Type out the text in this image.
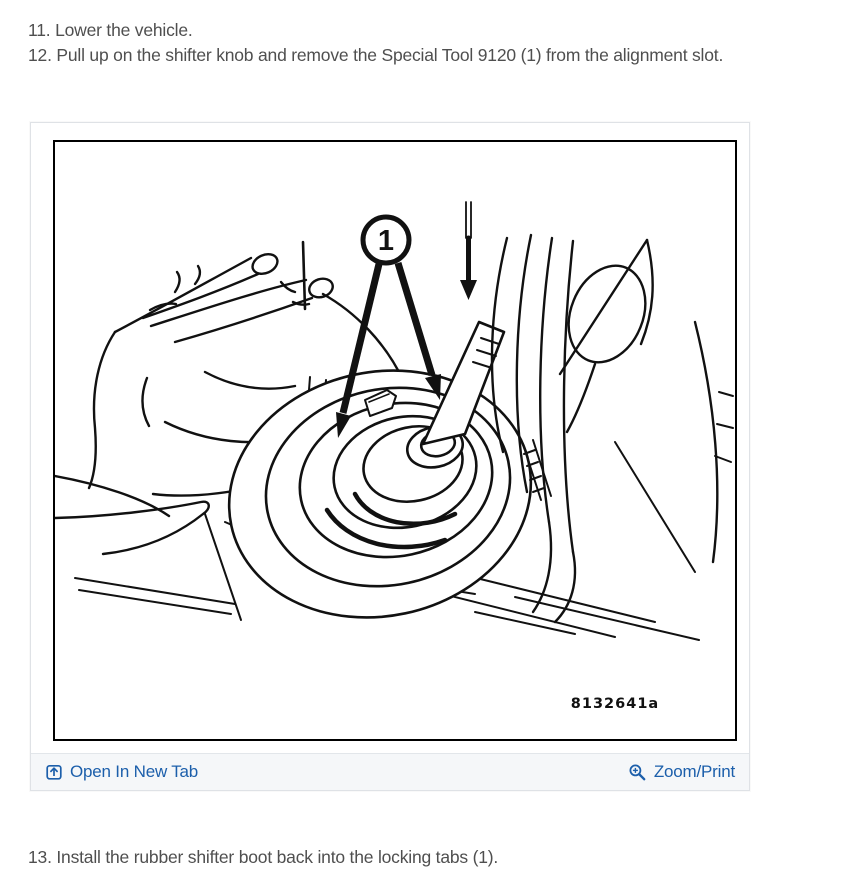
11. Lower the vehicle.
12. Pull up on the shifter knob and remove the Special Tool 9120 (1) from the alignment slot.
1
8132641a
Open In New Tab	Zoom/Print
13. Install the rubber shifter boot back into the locking tabs (1).
